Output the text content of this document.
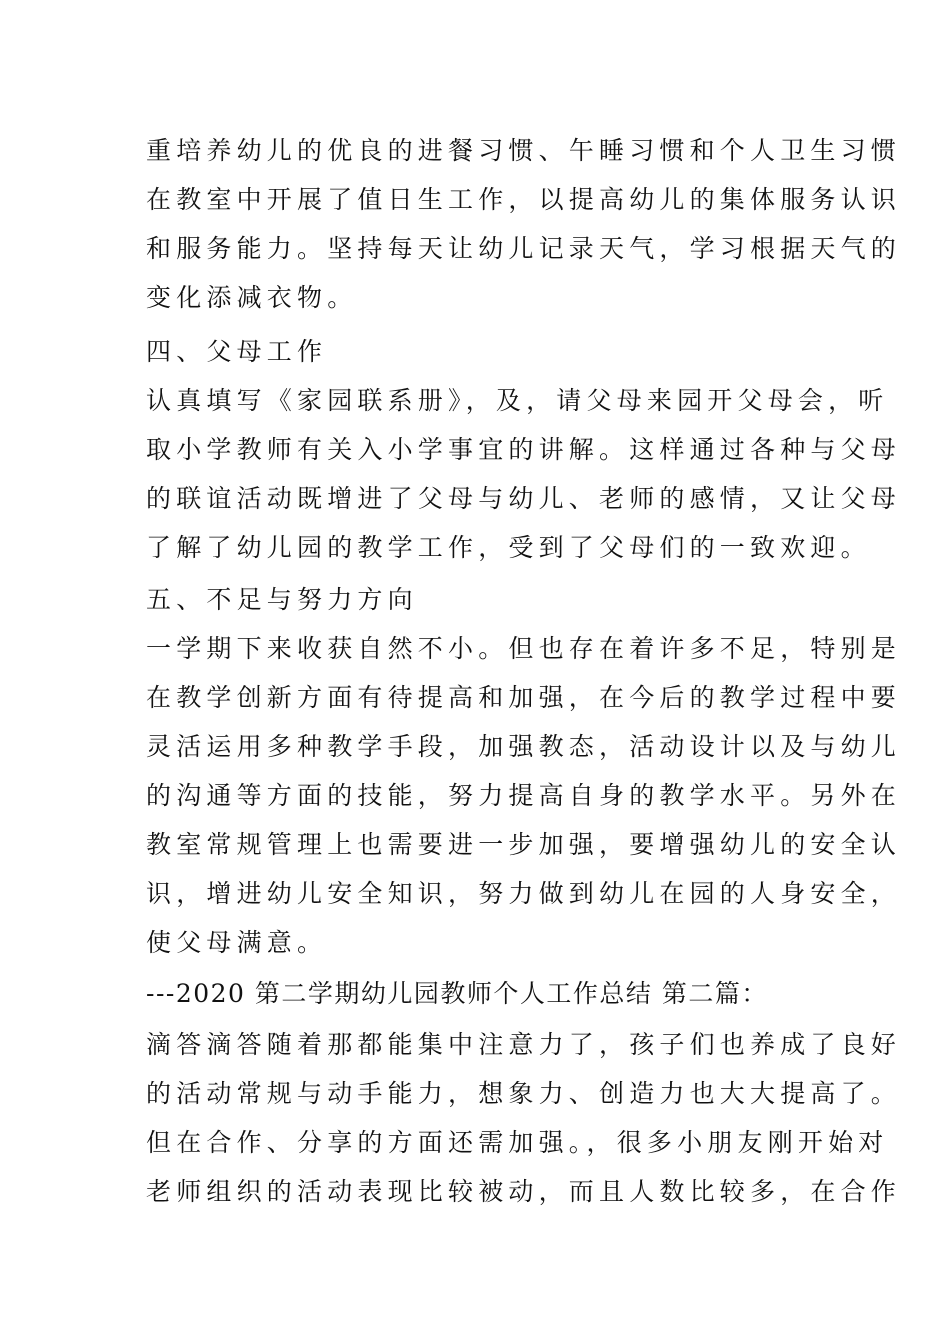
重培养幼儿的优良的进餐习惯、午睡习惯和个人卫生习惯
在教室中开展了值日生工作，以提高幼儿的集体服务认识
和服务能力。坚持每天让幼儿记录天气，学习根据天气的
变化添减衣物。
四、父母工作
认真填写《家园联系册》，及，请父母来园开父母会，听
取小学教师有关入小学事宜的讲解。这样通过各种与父母
的联谊活动既增进了父母与幼儿、老师的感情，又让父母
了解了幼儿园的教学工作，受到了父母们的一致欢迎。
五、不足与努力方向
一学期下来收获自然不小。但也存在着许多不足，特别是
在教学创新方面有待提高和加强，在今后的教学过程中要
灵活运用多种教学手段，加强教态，活动设计以及与幼儿
的沟通等方面的技能，努力提高自身的教学水平。另外在
教室常规管理上也需要进一步加强，要增强幼儿的安全认
识，增进幼儿安全知识，努力做到幼儿在园的人身安全，
使父母满意。
---2020 第二学期幼儿园教师个人工作总结 第二篇：
滴答滴答随着那都能集中注意力了，孩子们也养成了良好
的活动常规与动手能力，想象力、创造力也大大提高了。
但在合作、分享的方面还需加强。，很多小朋友刚开始对
老师组织的活动表现比较被动，而且人数比较多，在合作
